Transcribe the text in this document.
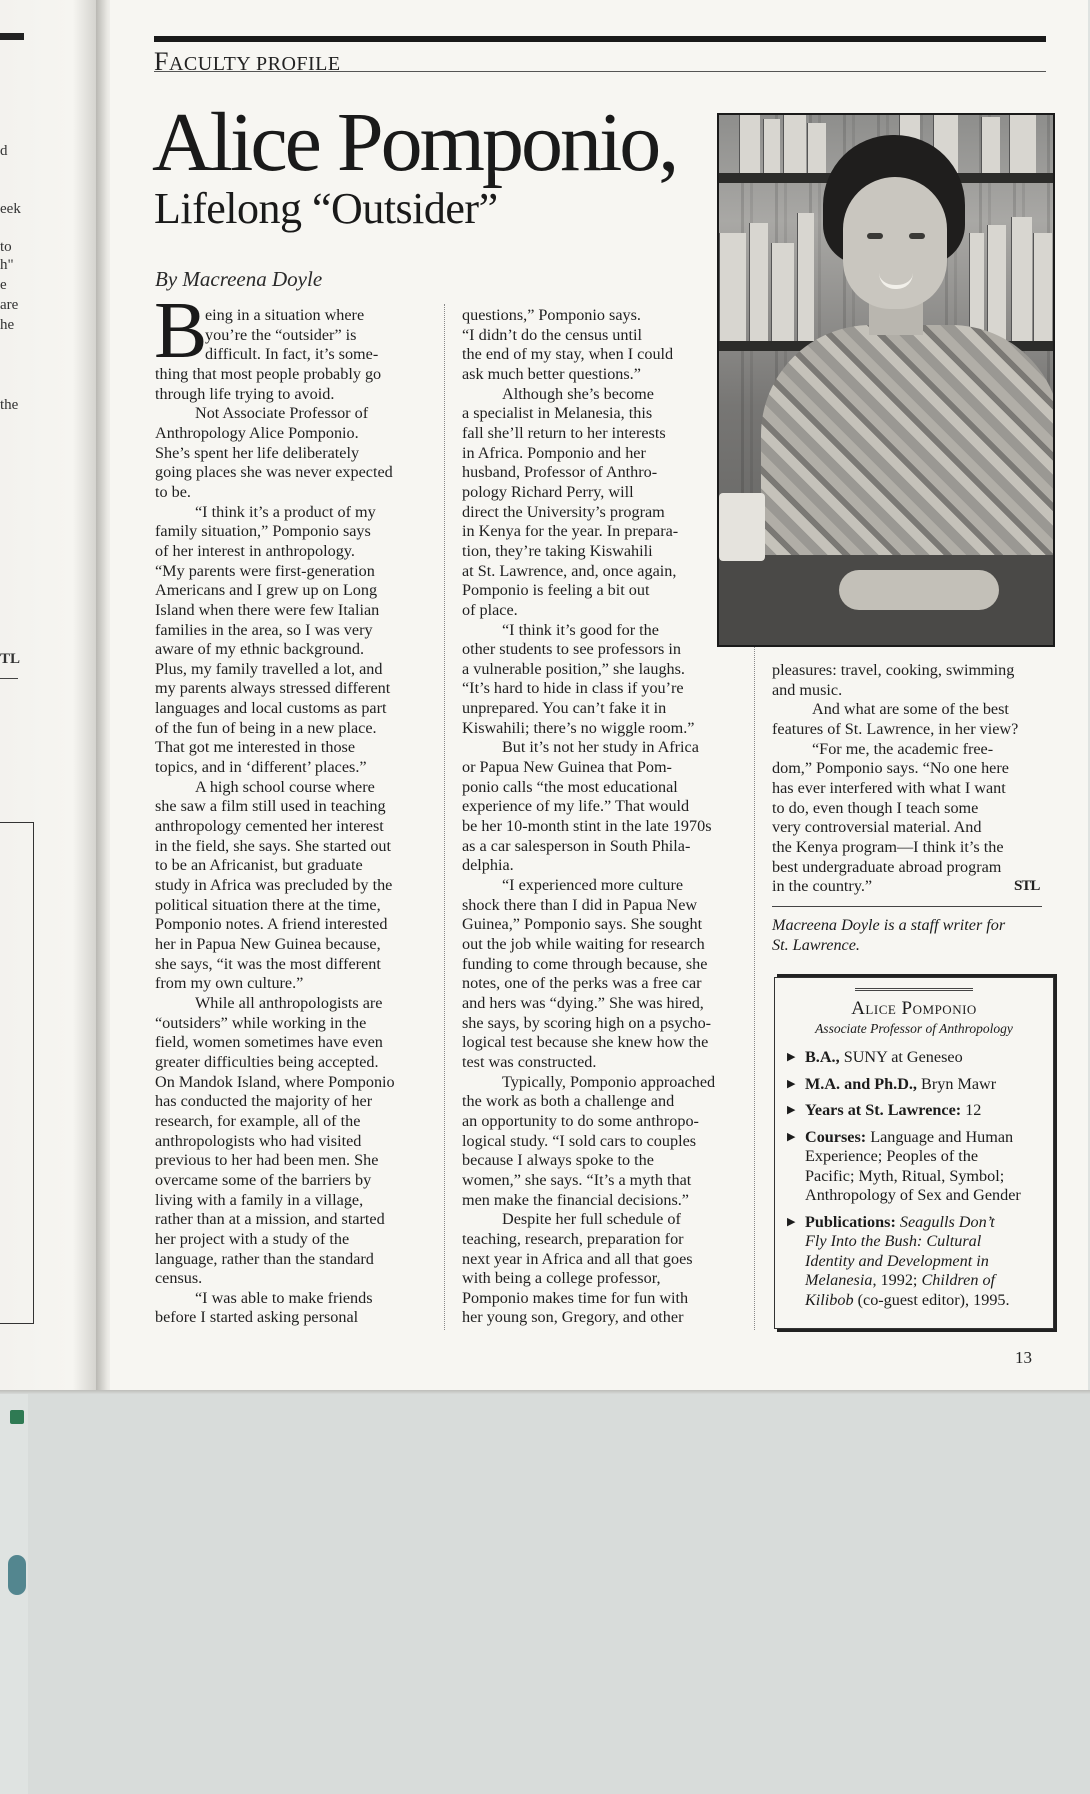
d
eek
to
h"
e
are
he
the
TL
FACULTY PROFILE
Alice Pomponio,
Lifelong “Outsider”
By Macreena Doyle
B
eing in a situation where
you’re the “outsider” is
difficult. In fact, it’s some-
thing that most people probably go
through life trying to avoid.
Not Associate Professor of
Anthropology Alice Pomponio.
She’s spent her life deliberately
going places she was never expected
to be.
“I think it’s a product of my
family situation,” Pomponio says
of her interest in anthropology.
“My parents were first-generation
Americans and I grew up on Long
Island when there were few Italian
families in the area, so I was very
aware of my ethnic background.
Plus, my family travelled a lot, and
my parents always stressed different
languages and local customs as part
of the fun of being in a new place.
That got me interested in those
topics, and in ‘different’ places.”
A high school course where
she saw a film still used in teaching
anthropology cemented her interest
in the field, she says. She started out
to be an Africanist, but graduate
study in Africa was precluded by the
political situation there at the time,
Pomponio notes. A friend interested
her in Papua New Guinea because,
she says, “it was the most different
from my own culture.”
While all anthropologists are
“outsiders” while working in the
field, women sometimes have even
greater difficulties being accepted.
On Mandok Island, where Pomponio
has conducted the majority of her
research, for example, all of the
anthropologists who had visited
previous to her had been men. She
overcame some of the barriers by
living with a family in a village,
rather than at a mission, and started
her project with a study of the
language, rather than the standard
census.
“I was able to make friends
before I started asking personal
questions,” Pomponio says.
“I didn’t do the census until
the end of my stay, when I could
ask much better questions.”
Although she’s become
a specialist in Melanesia, this
fall she’ll return to her interests
in Africa. Pomponio and her
husband, Professor of Anthro-
pology Richard Perry, will
direct the University’s program
in Kenya for the year. In prepara-
tion, they’re taking Kiswahili
at St. Lawrence, and, once again,
Pomponio is feeling a bit out
of place.
“I think it’s good for the
other students to see professors in
a vulnerable position,” she laughs.
“It’s hard to hide in class if you’re
unprepared. You can’t fake it in
Kiswahili; there’s no wiggle room.”
But it’s not her study in Africa
or Papua New Guinea that Pom-
ponio calls “the most educational
experience of my life.” That would
be her 10-month stint in the late 1970s
as a car salesperson in South Phila-
delphia.
“I experienced more culture
shock there than I did in Papua New
Guinea,” Pomponio says. She sought
out the job while waiting for research
funding to come through because, she
notes, one of the perks was a free car
and hers was “dying.” She was hired,
she says, by scoring high on a psycho-
logical test because she knew how the
test was constructed.
Typically, Pomponio approached
the work as both a challenge and
an opportunity to do some anthropo-
logical study. “I sold cars to couples
because I always spoke to the
women,” she says. “It’s a myth that
men make the financial decisions.”
Despite her full schedule of
teaching, research, preparation for
next year in Africa and all that goes
with being a college professor,
Pomponio makes time for fun with
her young son, Gregory, and other
pleasures: travel, cooking, swimming
and music.
And what are some of the best
features of St. Lawrence, in her view?
“For me, the academic free-
dom,” Pomponio says. “No one here
has ever interfered with what I want
to do, even though I teach some
very controversial material. And
the Kenya program—I think it’s the
best undergraduate abroad program
in the country.”	STL
Macreena Doyle is a staff writer for
St. Lawrence.
Alice Pomponio
Associate Professor of Anthropology
▶ B.A., SUNY at Geneseo
▶ M.A. and Ph.D., Bryn Mawr
▶ Years at St. Lawrence: 12
▶ Courses: Language and Human
Experience; Peoples of the
Pacific; Myth, Ritual, Symbol;
Anthropology of Sex and Gender
▶ Publications: Seagulls Don’t
Fly Into the Bush: Cultural
Identity and Development in
Melanesia, 1992; Children of
Kilibob (co-guest editor), 1995.
13
